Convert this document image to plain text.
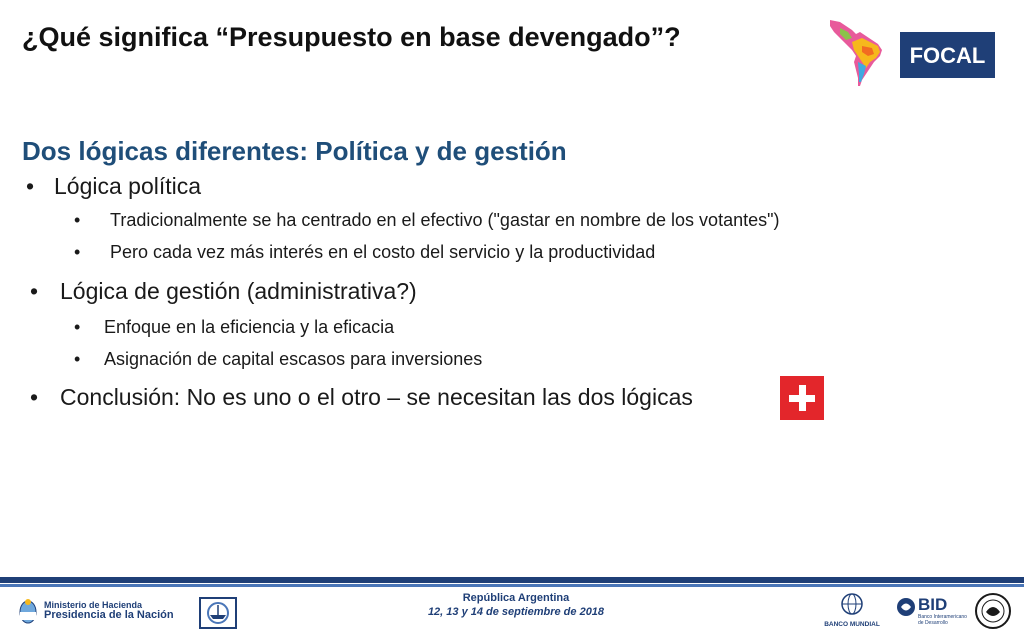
¿Qué significa “Presupuesto en base devengado”?
FOCAL
Dos lógicas diferentes: Política y de gestión
• Lógica política
• Tradicionalmente se ha centrado en el efectivo ("gastar en nombre de los votantes")
• Pero cada vez más interés en el costo del servicio y la productividad
• Lógica de gestión (administrativa?)
• Enfoque en la eficiencia y la eficacia
• Asignación de capital escasos para inversiones
• Conclusión: No es uno o el otro – se necesitan las dos lógicas
Ministerio de Hacienda
Presidencia de la Nación
República Argentina
12, 13 y 14 de septiembre de 2018
BANCO MUNDIAL
BID
Banco Interamericano
de Desarrollo
